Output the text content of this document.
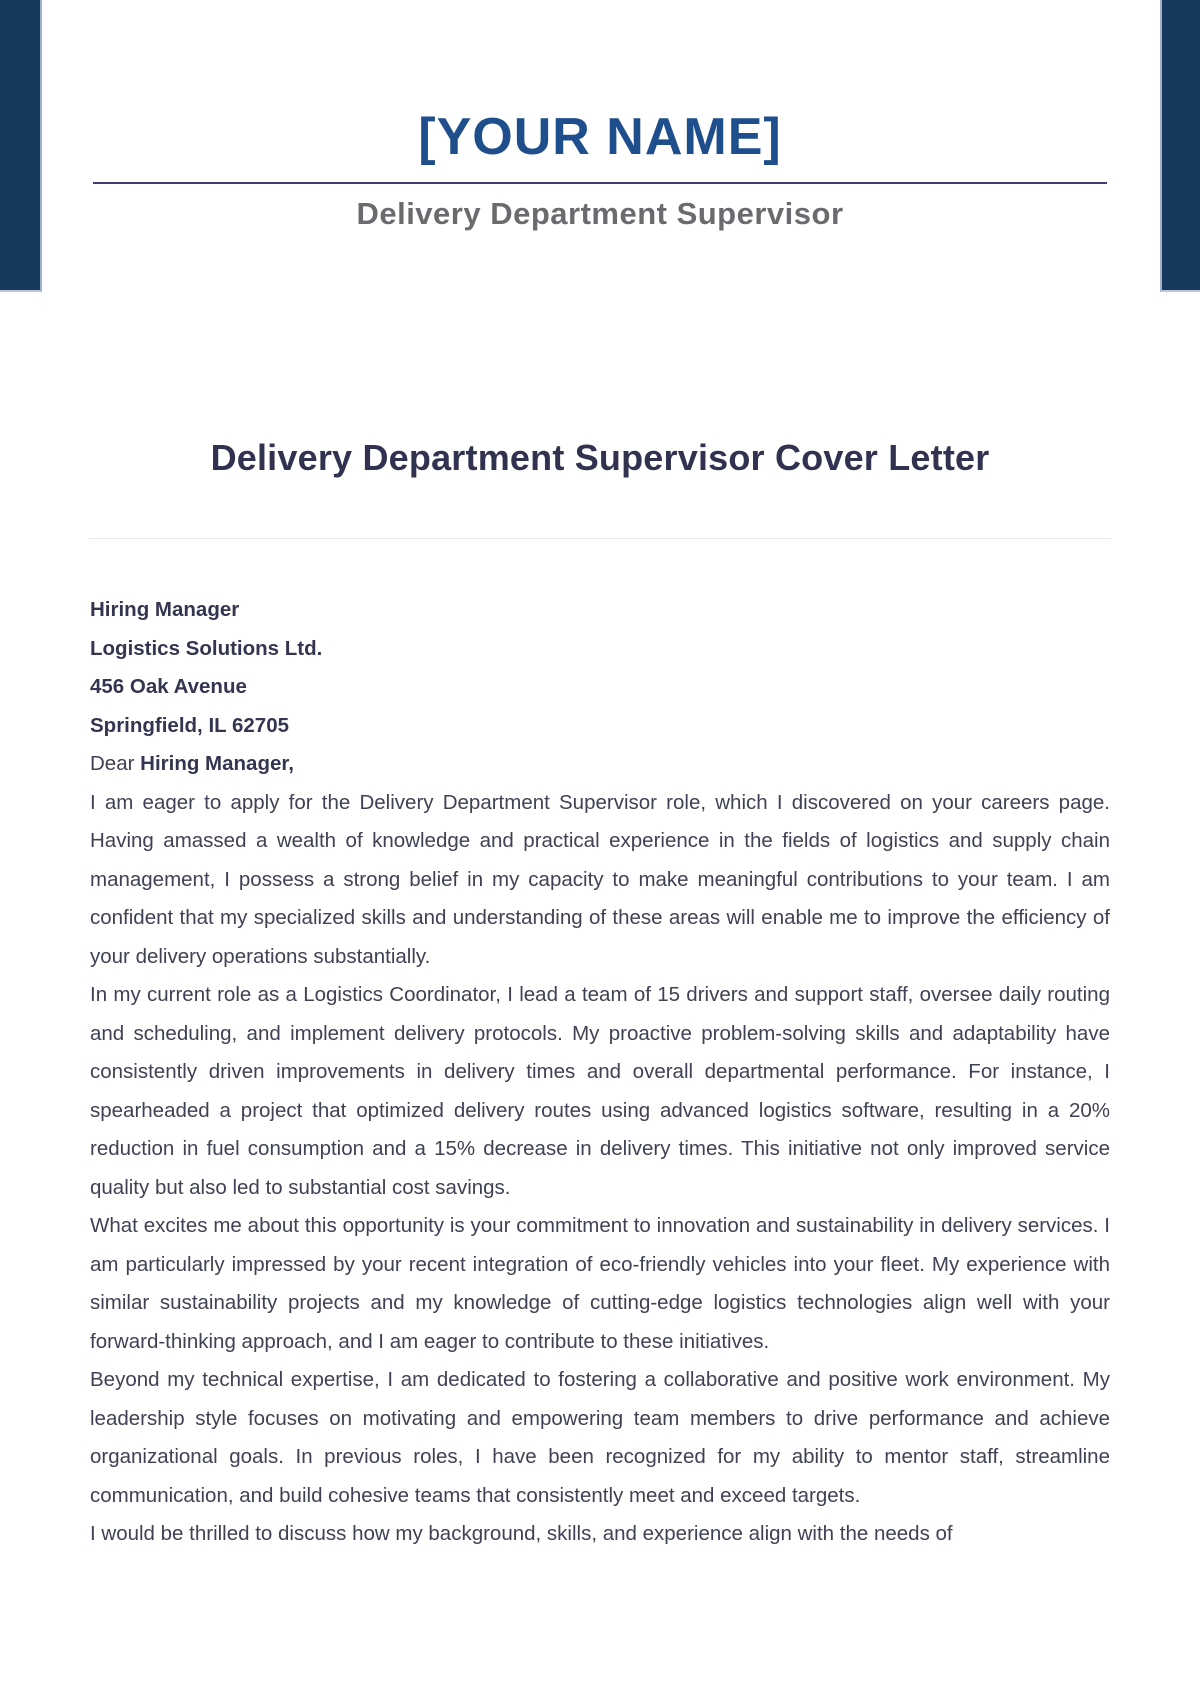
[YOUR NAME]
Delivery Department Supervisor
Delivery Department Supervisor Cover Letter

Hiring Manager

Logistics Solutions Ltd.

456 Oak Avenue

Springfield, IL 62705

Dear Hiring Manager,

I am eager to apply for the Delivery Department Supervisor role, which I discovered on your careers page. Having amassed a wealth of knowledge and practical experience in the fields of logistics and supply chain management, I possess a strong belief in my capacity to make meaningful contributions to your team. I am confident that my specialized skills and understanding of these areas will enable me to improve the efficiency of your delivery operations substantially.

In my current role as a Logistics Coordinator, I lead a team of 15 drivers and support staff, oversee daily routing and scheduling, and implement delivery protocols. My proactive problem-solving skills and adaptability have consistently driven improvements in delivery times and overall departmental performance. For instance, I spearheaded a project that optimized delivery routes using advanced logistics software, resulting in a 20% reduction in fuel consumption and a 15% decrease in delivery times. This initiative not only improved service quality but also led to substantial cost savings.

What excites me about this opportunity is your commitment to innovation and sustainability in delivery services. I am particularly impressed by your recent integration of eco-friendly vehicles into your fleet. My experience with similar sustainability projects and my knowledge of cutting-edge logistics technologies align well with your forward-thinking approach, and I am eager to contribute to these initiatives.

Beyond my technical expertise, I am dedicated to fostering a collaborative and positive work environment. My leadership style focuses on motivating and empowering team members to drive performance and achieve organizational goals. In previous roles, I have been recognized for my ability to mentor staff, streamline communication, and build cohesive teams that consistently meet and exceed targets.

I would be thrilled to discuss how my background, skills, and experience align with the needs of
